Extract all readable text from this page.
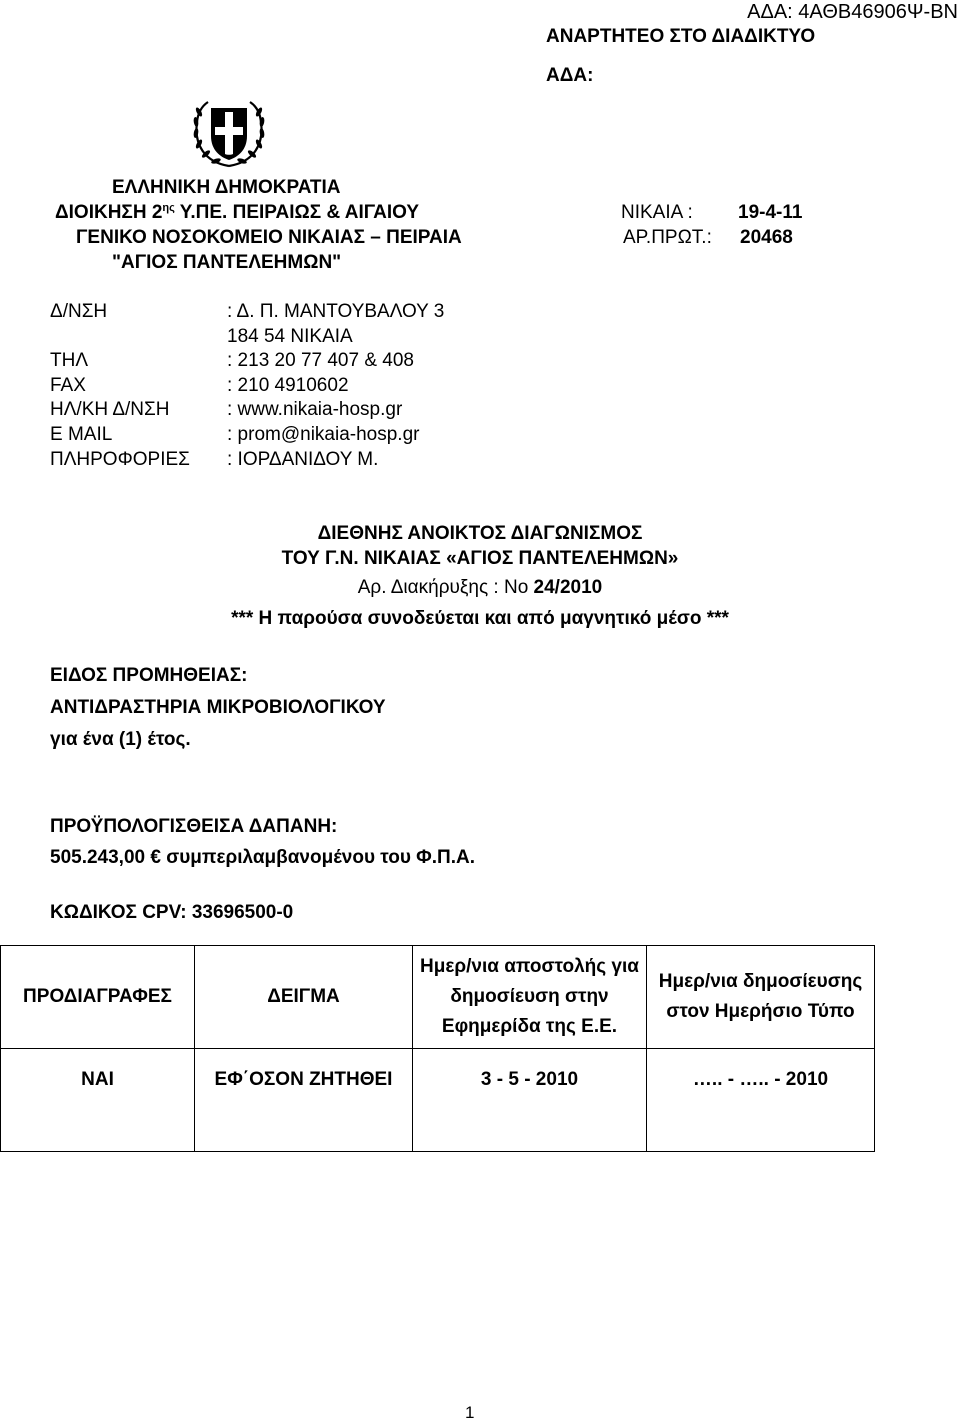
ΑΔΑ: 4ΑΘΒ46906Ψ-ΒΝ
ΑΝΑΡΤΗΤΕΟ ΣΤΟ ΔΙΑΔΙΚΤΥΟ
ΑΔΑ:
ΕΛΛΗΝΙΚΗ ΔΗΜΟΚΡΑΤΙΑ
ΔΙΟΙΚΗΣΗ $2^{\eta\varsigma}$ Υ.ΠΕ. ΠΕΙΡΑΙΩΣ & ΑΙΓΑΙΟΥ
ΓΕΝΙΚΟ ΝΟΣΟΚΟΜΕΙΟ ΝΙΚΑΙΑΣ – ΠΕΙΡΑΙΑ
"ΑΓΙΟΣ ΠΑΝΤΕΛΕΗΜΩΝ"
ΝΙΚΑΙΑ : 19-4-11
ΑΡ.ΠΡΩΤ.: 20468
Δ/ΝΣΗ	: Δ. Π. ΜΑΝΤΟΥΒΑΛΟΥ 3
184 54 ΝΙΚΑΙΑ
ΤΗΛ	: 213 20 77 407 & 408
FAX	: 210 4910602
ΗΛ/ΚΗ Δ/ΝΣΗ	: www.nikaia-hosp.gr
E MAIL	: prom@nikaia-hosp.gr
ΠΛΗΡΟΦΟΡΙΕΣ : ΙΟΡΔΑΝΙΔΟΥ Μ.
ΔΙΕΘΝΗΣ ΑΝΟΙΚΤΟΣ ΔΙΑΓΩΝΙΣΜΟΣ
ΤΟΥ Γ.Ν. ΝΙΚΑΙΑΣ «ΑΓΙΟΣ ΠΑΝΤΕΛΕΗΜΩΝ»
Αρ. Διακήρυξης : Νο 24/2010
*** Η παρούσα συνοδεύεται και από μαγνητικό μέσο ***
ΕΙΔΟΣ ΠΡΟΜΗΘΕΙΑΣ:
ΑΝΤΙΔΡΑΣΤΗΡΙΑ ΜΙΚΡΟΒΙΟΛΟΓΙΚΟΥ
για ένα (1) έτος.
ΠΡΟΫΠΟΛΟΓΙΣΘΕΙΣΑ ΔΑΠΑΝΗ:
505.243,00 € συμπεριλαμβανομένου του Φ.Π.Α.
ΚΩΔΙΚΟΣ CPV: 33696500-0
ΠΡΟΔΙΑΓΡΑΦΕΣ	ΔΕΙΓΜΑ	Ημερ/νια αποστολής για δημοσίευση στην Εφημερίδα της Ε.Ε.	Ημερ/νια δημοσίευσης στον Ημερήσιο Τύπο
ΝΑΙ	ΕΦ΄ΟΣΟΝ ΖΗΤΗΘΕΙ	3 - 5 - 2010	….. - ….. - 2010
1
